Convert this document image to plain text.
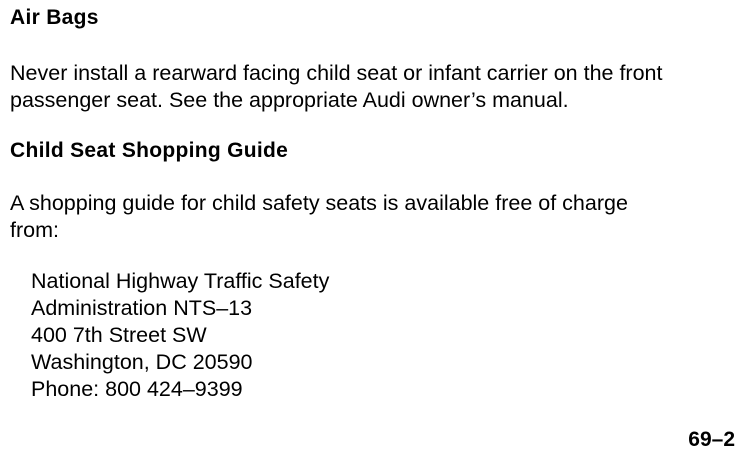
Air Bags

Never install a rearward facing child seat or infant carrier on the front
passenger seat. See the appropriate Audi owner’s manual.

Child Seat Shopping Guide

A shopping guide for child safety seats is available free of charge
from:

National Highway Traffic Safety
Administration NTS–13
400 7th Street SW
Washington, DC 20590
Phone: 800 424–9399
69–2
